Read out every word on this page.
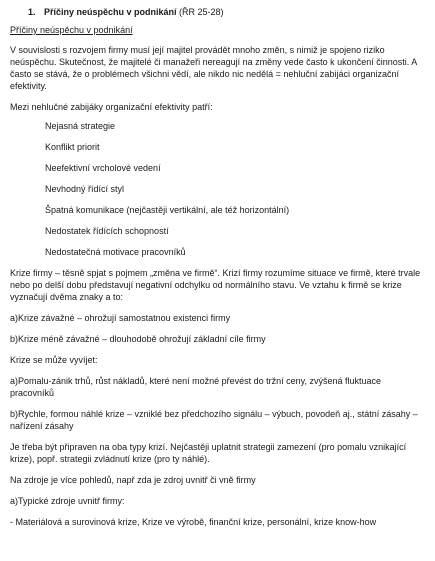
1. Příčiny neúspěchu v podnikání (ŘR 25-28)
Příčiny neúspěchu v podnikání

V souvislosti s rozvojem firmy musí její majitel provádět mnoho změn, s nimiž je spojeno riziko neúspěchu. Skutečnost, že majitelé či manažeři nereagují na změny vede často k ukončení činnosti. A často se stává, že o problémech všichni vědí, ale nikdo nic nedělá = nehluční zabijáci organizační efektivity.

Mezi nehlučné zabijáky organizační efektivity patří:

Nejasná strategie
Konflikt priorit
Neefektivní vrcholové vedení
Nevhodný řídící styl
Špatná komunikace (nejčastěji vertikální, ale též horizontální)
Nedostatek řídících schopností
Nedostatečná motivace pracovníků

Krize firmy – těsně spjat s pojmem „změna ve firmě“. Krizí firmy rozumíme situace ve firmě, které trvale nebo po delší dobu představují negativní odchylku od normálního stavu. Ve vztahu k firmě se krize vyznačují dvěma znaky a to:

a)Krize závažné – ohrožují samostatnou existenci firmy

b)Krize méně závažné – dlouhodobě ohrožují základní cíle firmy

Krize se může vyvíjet:

a)Pomalu-zánik trhů, růst nákladů, které není možné převést do tržní ceny, zvýšená fluktuace pracovníků

b)Rychle, formou náhlé krize – vzniklé bez předchozího signálu – výbuch, povodeň aj., státní zásahy – nařízení zásahy

Je třeba být připraven na oba typy krizí. Nejčastěji uplatnit strategii zamezení (pro pomalu vznikající krize), popř. strategii zvládnutí krize (pro ty náhlé).

Na zdroje je více pohledů, např zda je zdroj uvnitř či vně firmy

a)Typické zdroje uvnitř firmy:

- Materiálová a surovinová krize, Krize ve výrobě, finanční krize, personální, krize know-how
